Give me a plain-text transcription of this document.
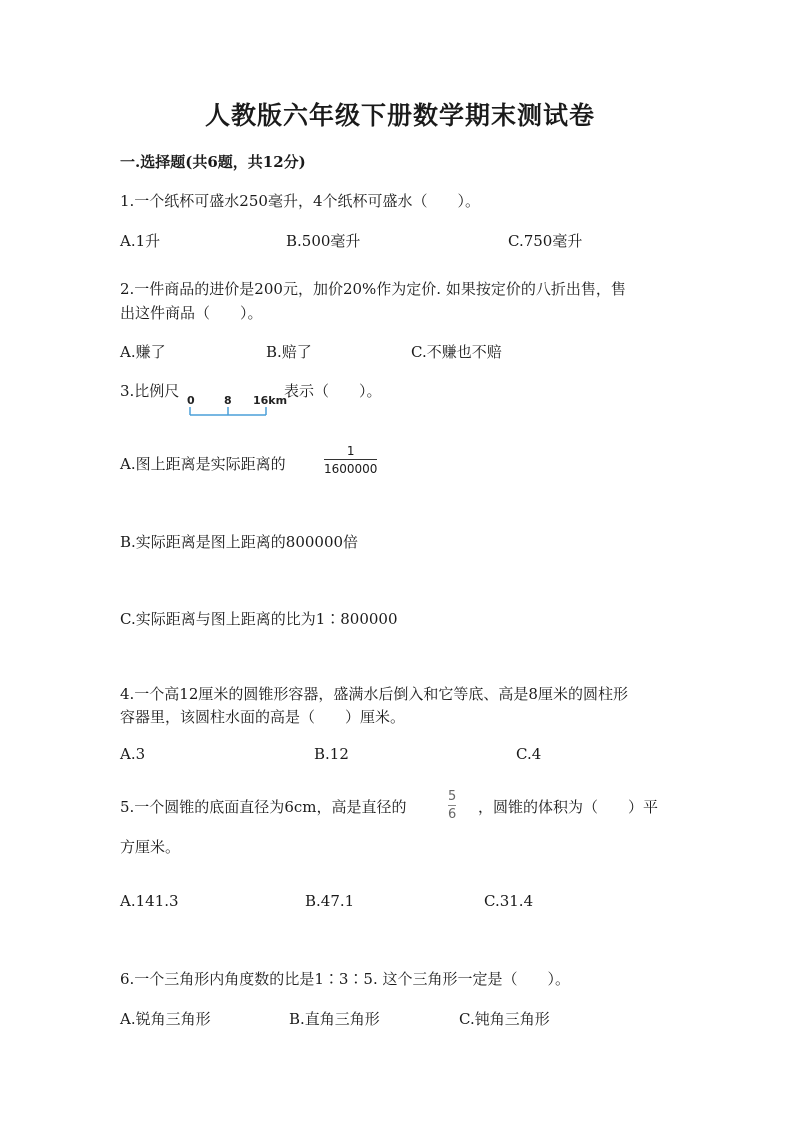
人教版六年级下册数学期末测试卷
一.选择题(共6题，共12分)
1.一个纸杯可盛水250毫升，4个纸杯可盛水（　　）。
A.1升	B.500毫升	C.750毫升
2.一件商品的进价是200元，加价20%作为定价. 如果按定价的八折出售，售
出这件商品（　　）。
A.赚了	B.赔了	C.不赚也不赔
3.比例尺
0	8 16km
表示（　　）。
A.图上距离是实际距离的
1
1600000
B.实际距离是图上距离的800000倍
C.实际距离与图上距离的比为1∶800000
4.一个高12厘米的圆锥形容器，盛满水后倒入和它等底、高是8厘米的圆柱形
容器里，该圆柱水面的高是（　　）厘米。
A.3	B.12	C.4
5.一个圆锥的底面直径为6cm，高是直径的
5
6 ，圆锥的体积为（　　）平
方厘米。
A.141.3	B.47.1	C.31.4
6.一个三角形内角度数的比是1∶3∶5. 这个三角形一定是（　　）。
A.锐角三角形	B.直角三角形	C.钝角三角形
